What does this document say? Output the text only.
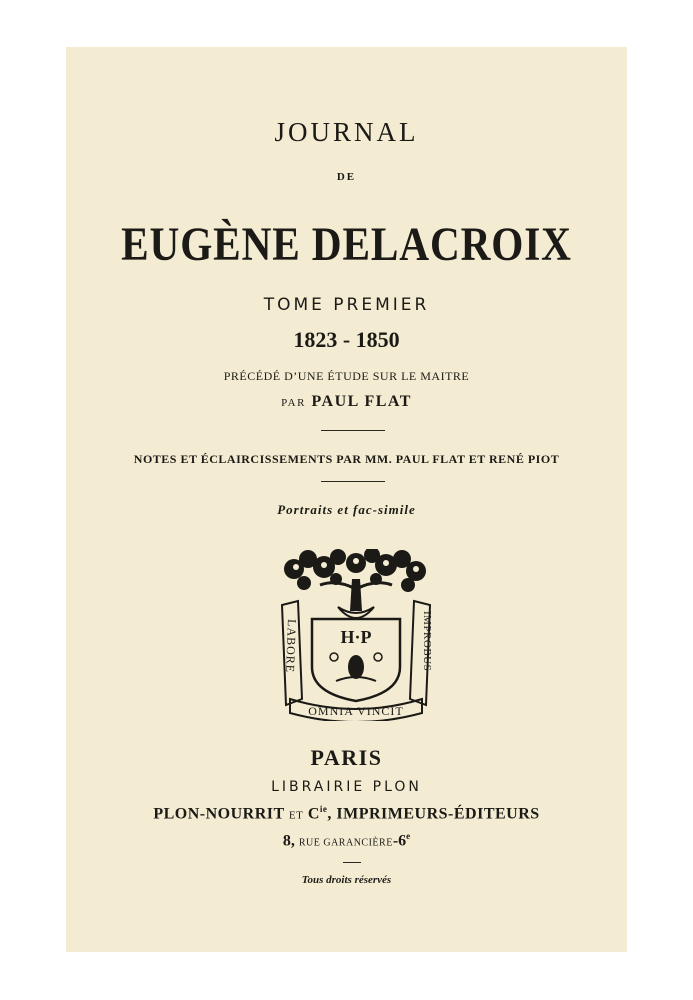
JOURNAL
DE
EUGÈNE DELACROIX
TOME PREMIER
1823 - 1850
PRÉCÉDÉ D’UNE ÉTUDE SUR LE MAITRE
PAR PAUL FLAT
NOTES ET ÉCLAIRCISSEMENTS PAR MM. PAUL FLAT ET RENÉ PIOT
Portraits et fac-simile
LABORE	IMPROBUS
H·P
OMNIA VINCIT
PARIS
LIBRAIRIE PLON
PLON-NOURRIT ET $C^{ie}$, IMPRIMEURS-ÉDITEURS
8, RUE GARANCIÈRE-6e
Tous droits réservés
